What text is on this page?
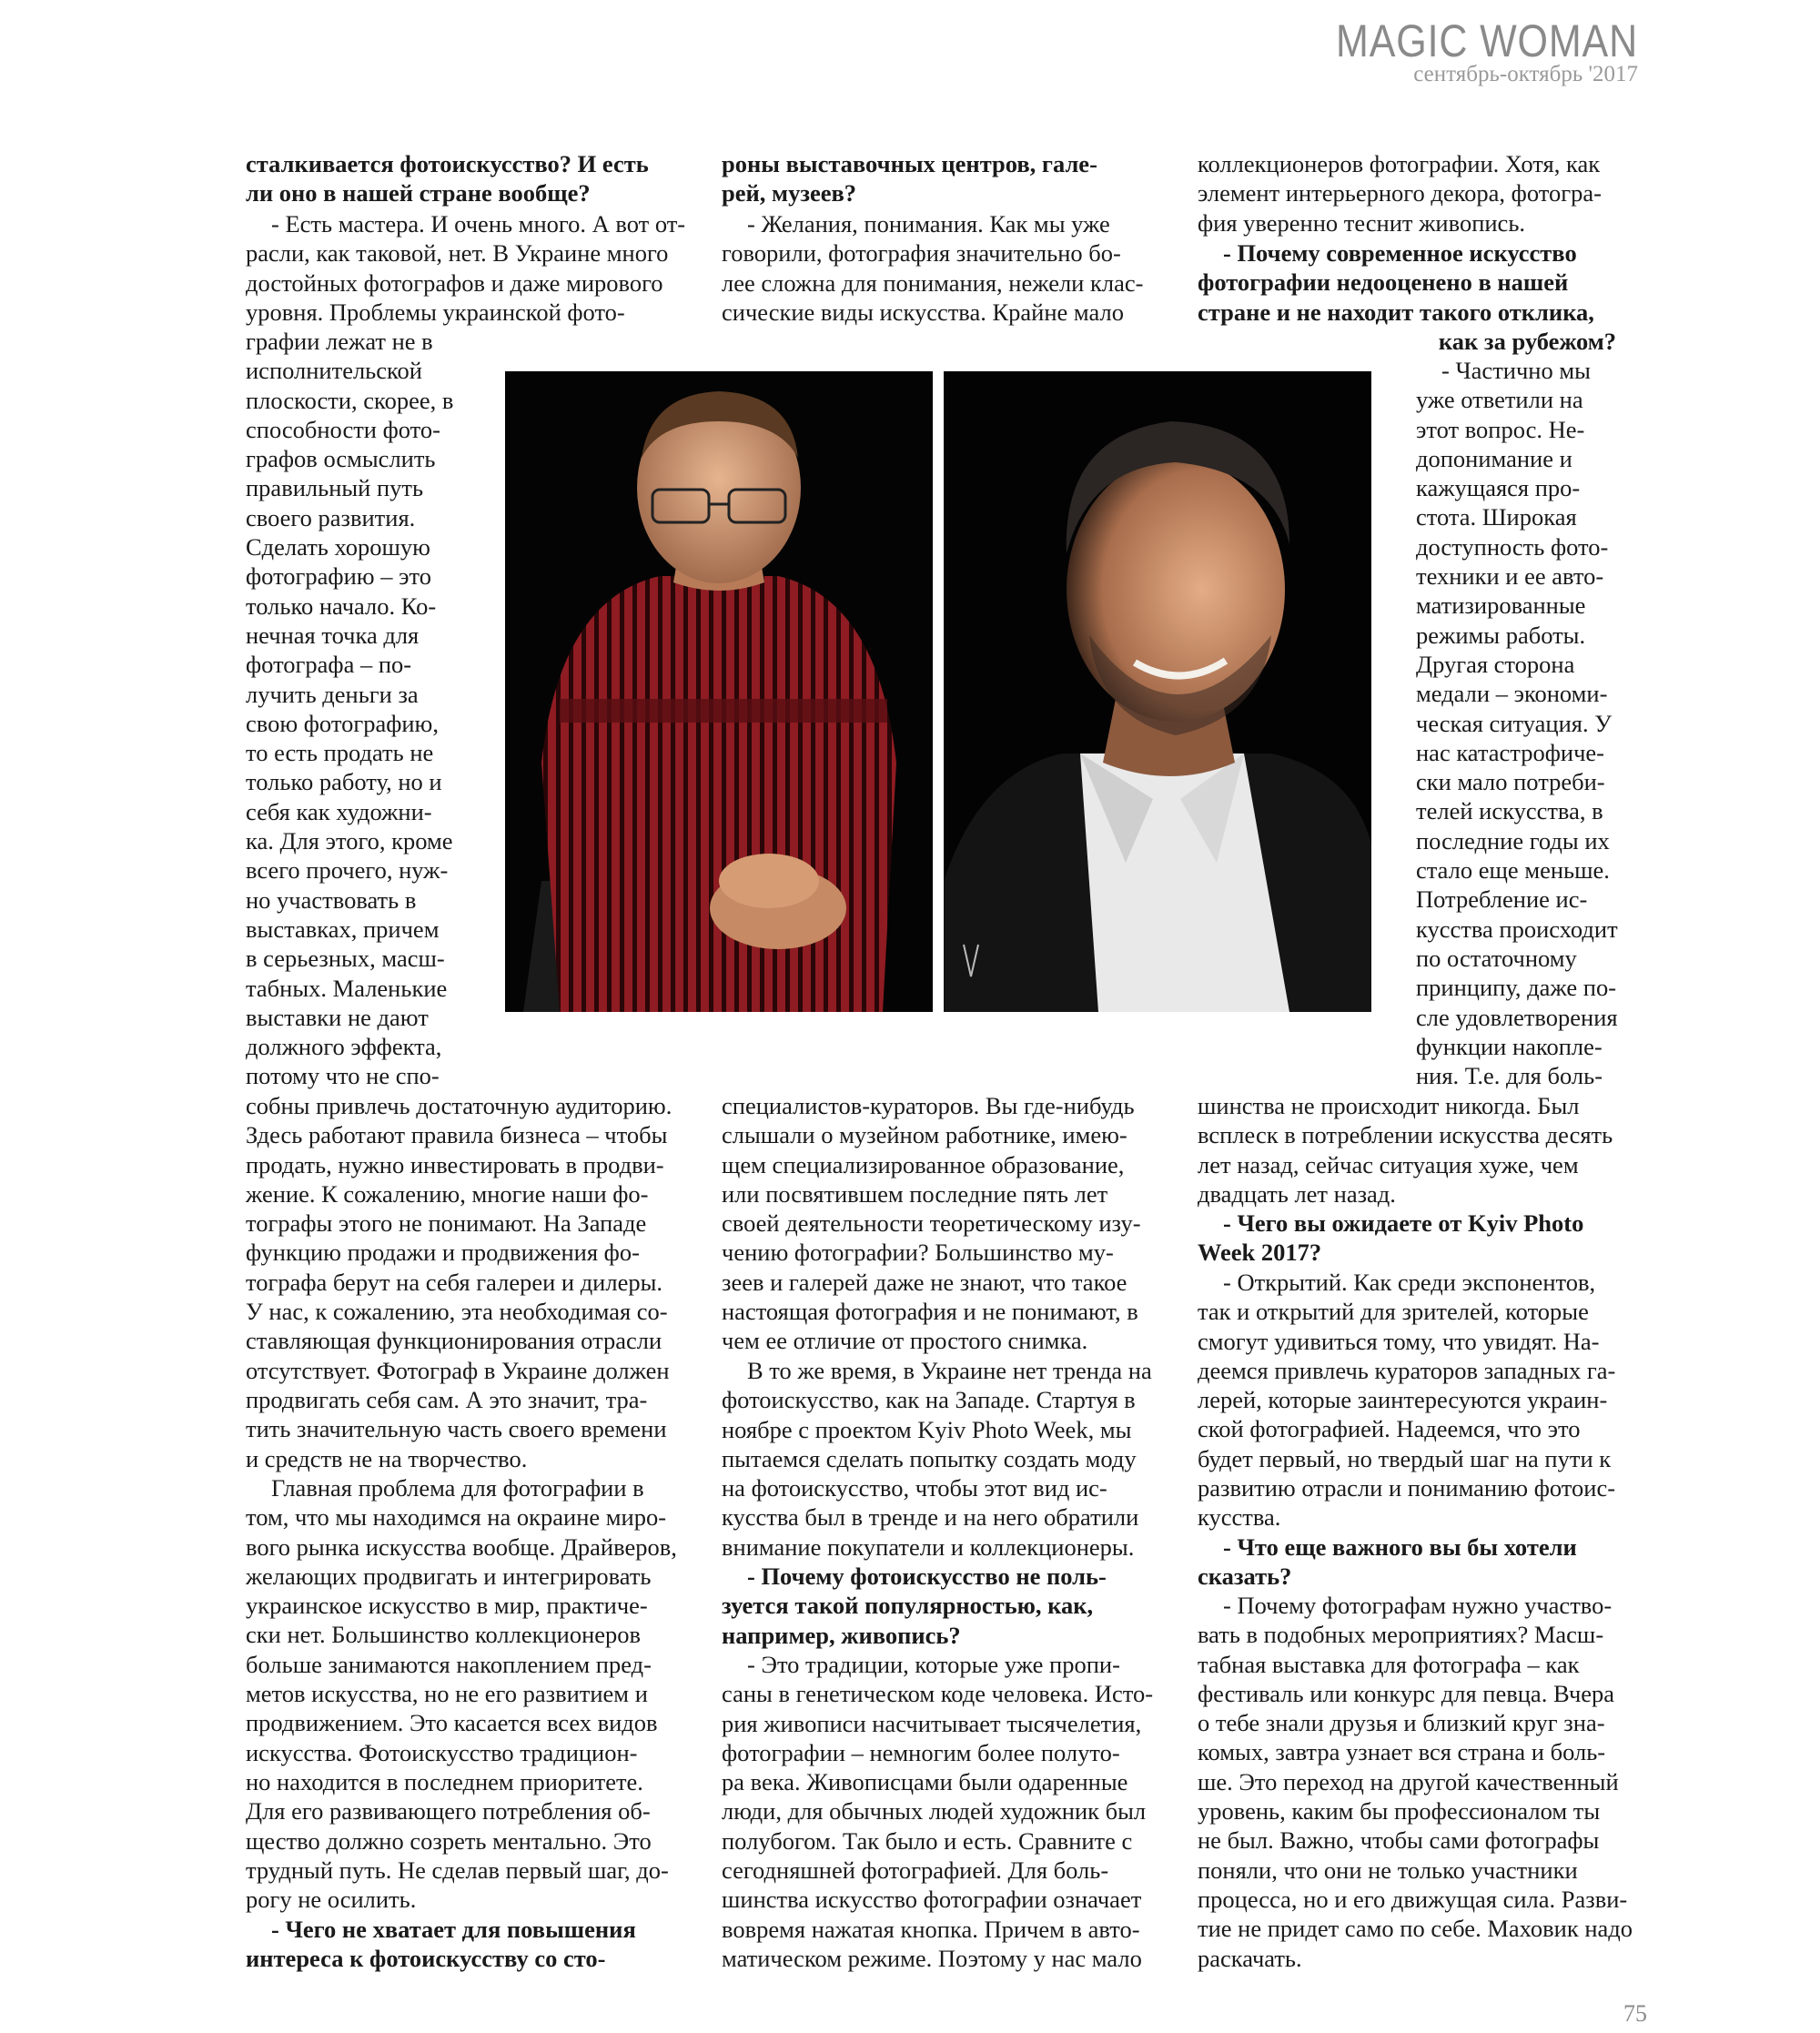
MAGIC WOMAN
сентябрь-октябрь '2017

сталкивается фотоискусство? И есть
ли оно в нашей стране вообще?

- Есть мастера. И очень много. А вот от-
расли, как таковой, нет. В Украине много
достойных фотографов и даже мирового
уровня. Проблемы украинской фото-

графии лежат не в
исполнительской
плоскости, скорее, в
способности фото-
графов осмыслить
правильный путь
своего развития.
Сделать хорошую
фотографию – это
только начало. Ко-
нечная точка для
фотографа – по-
лучить деньги за
свою фотографию,
то есть продать не
только работу, но и
себя как художни-
ка. Для этого, кроме
всего прочего, нуж-
но участвовать в
выставках, причем
в серьезных, масш-
табных. Маленькие
выставки не дают
должного эффекта,
потому что не спо-

собны привлечь достаточную аудиторию.
Здесь работают правила бизнеса – чтобы
продать, нужно инвестировать в продви-
жение. К сожалению, многие наши фо-
тографы этого не понимают. На Западе
функцию продажи и продвижения фо-
тографа берут на себя галереи и дилеры.
У нас, к сожалению, эта необходимая со-
ставляющая функционирования отрасли
отсутствует. Фотограф в Украине должен
продвигать себя сам. А это значит, тра-
тить значительную часть своего времени
и средств не на творчество.

Главная проблема для фотографии в
том, что мы находимся на окраине миро-
вого рынка искусства вообще. Драйверов,
желающих продвигать и интегрировать
украинское искусство в мир, практиче-
ски нет. Большинство коллекционеров
больше занимаются накоплением пред-
метов искусства, но не его развитием и
продвижением. Это касается всех видов
искусства. Фотоискусство традицион-
но находится в последнем приоритете.
Для его развивающего потребления об-
щество должно созреть ментально. Это
трудный путь. Не сделав первый шаг, до-
рогу не осилить.

- Чего не хватает для повышения
интереса к фотоискусству со сто-

роны выставочных центров, гале-
рей, музеев?

- Желания, понимания. Как мы уже
говорили, фотография значительно бо-
лее сложна для понимания, нежели клас-
сические виды искусства. Крайне мало

специалистов-кураторов. Вы где-нибудь
слышали о музейном работнике, имею-
щем специализированное образование,
или посвятившем последние пять лет
своей деятельности теоретическому изу-
чению фотографии? Большинство му-
зеев и галерей даже не знают, что такое
настоящая фотография и не понимают, в
чем ее отличие от простого снимка.

В то же время, в Украине нет тренда на
фотоискусство, как на Западе. Стартуя в
ноябре с проектом Kyiv Photo Week, мы
пытаемся сделать попытку создать моду
на фотоискусство, чтобы этот вид ис-
кусства был в тренде и на него обратили
внимание покупатели и коллекционеры.

- Почему фотоискусство не поль-
зуется такой популярностью, как,
например, живопись?

- Это традиции, которые уже пропи-
саны в генетическом коде человека. Исто-
рия живописи насчитывает тысячелетия,
фотографии – немногим более полуто-
ра века. Живописцами были одаренные
люди, для обычных людей художник был
полубогом. Так было и есть. Сравните с
сегодняшней фотографией. Для боль-
шинства искусство фотографии означает
вовремя нажатая кнопка. Причем в авто-
матическом режиме. Поэтому у нас мало

коллекционеров фотографии. Хотя, как
элемент интерьерного декора, фотогра-
фия уверенно теснит живопись.

- Почему современное искусство
фотографии недооценено в нашей
стране и не находит такого отклика,

как за рубежом?

- Частично мы
уже ответили на
этот вопрос. Не-
допонимание и
кажущаяся про-
стота. Широкая
доступность фото-
техники и ее авто-
матизированные
режимы работы.
Другая сторона
медали – экономи-
ческая ситуация. У
нас катастрофиче-
ски мало потреби-
телей искусства, в
последние годы их
стало еще меньше.
Потребление ис-
кусства происходит
по остаточному
принципу, даже по-
сле удовлетворения
функции накопле-
ния. Т.е. для боль-

шинства не происходит никогда. Был
всплеск в потреблении искусства десять
лет назад, сейчас ситуация хуже, чем
двадцать лет назад.

- Чего вы ожидаете от Kyiv Photo
Week 2017?

- Открытий. Как среди экспонентов,
так и открытий для зрителей, которые
смогут удивиться тому, что увидят. На-
деемся привлечь кураторов западных га-
лерей, которые заинтересуются украин-
ской фотографией. Надеемся, что это
будет первый, но твердый шаг на пути к
развитию отрасли и пониманию фотоис-
кусства.

- Что еще важного вы бы хотели
сказать?

- Почему фотографам нужно участво-
вать в подобных мероприятиях? Масш-
табная выставка для фотографа – как
фестиваль или конкурс для певца. Вчера
о тебе знали друзья и близкий круг зна-
комых, завтра узнает вся страна и боль-
ше. Это переход на другой качественный
уровень, каким бы профессионалом ты
не был. Важно, чтобы сами фотографы
поняли, что они не только участники
процесса, но и его движущая сила. Разви-
тие не придет само по себе. Маховик надо
раскачать.

75
